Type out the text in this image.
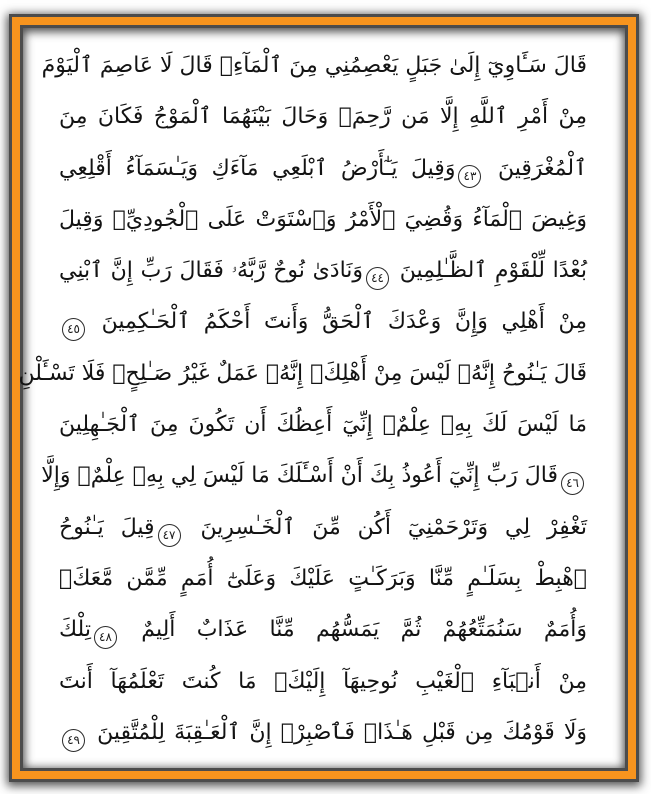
قَالَ سَـَٔاوِيٓ إِلَىٰ جَبَلٍ يَعْصِمُنِي مِنَ ٱلْمَآءِۚ قَالَ لَا عَاصِمَ ٱلْيَوْمَ
مِنْ أَمْرِ ٱللَّهِ إِلَّا مَن رَّحِمَۚ وَحَالَ بَيْنَهُمَا ٱلْمَوْجُ فَكَانَ مِنَ
ٱلْمُغْرَقِينَ ٤٣وَقِيلَ يَـٰٓأَرْضُ ٱبْلَعِي مَآءَكِ وَيَـٰسَمَآءُ أَقْلِعِي
وَغِيضَ ٱلْمَآءُ وَقُضِيَ ٱلْأَمْرُ وَٱسْتَوَتْ عَلَى ٱلْجُودِيِّۖ وَقِيلَ
بُعْدًا لِّلْقَوْمِ ٱلظَّـٰلِمِينَ ٤٤وَنَادَىٰ نُوحٌ رَّبَّهُۥ فَقَالَ رَبِّ إِنَّ ٱبْنِي
مِنْ أَهْلِي وَإِنَّ وَعْدَكَ ٱلْحَقُّ وَأَنتَ أَحْكَمُ ٱلْحَـٰكِمِينَ ٤٥
قَالَ يَـٰنُوحُ إِنَّهُۥ لَيْسَ مِنْ أَهْلِكَۖ إِنَّهُۥ عَمَلٌ غَيْرُ صَـٰلِحٍۖ فَلَا تَسْـَٔلْنِ
مَا لَيْسَ لَكَ بِهِۦ عِلْمٌۖ إِنِّيٓ أَعِظُكَ أَن تَكُونَ مِنَ ٱلْجَـٰهِلِينَ
٤٦قَالَ رَبِّ إِنِّيٓ أَعُوذُ بِكَ أَنْ أَسْـَٔلَكَ مَا لَيْسَ لِي بِهِۦ عِلْمٌۖ وَإِلَّا
تَغْفِرْ لِي وَتَرْحَمْنِيٓ أَكُن مِّنَ ٱلْخَـٰسِرِينَ ٤٧قِيلَ يَـٰنُوحُ
ٱهْبِطْ بِسَلَـٰمٍ مِّنَّا وَبَرَكَـٰتٍ عَلَيْكَ وَعَلَىٰٓ أُمَمٍ مِّمَّن مَّعَكَۚ
وَأُمَمٌ سَنُمَتِّعُهُمْ ثُمَّ يَمَسُّهُم مِّنَّا عَذَابٌ أَلِيمٌ ٤٨تِلْكَ
مِنْ أَنۢبَآءِ ٱلْغَيْبِ نُوحِيهَآ إِلَيْكَۖ مَا كُنتَ تَعْلَمُهَآ أَنتَ
وَلَا قَوْمُكَ مِن قَبْلِ هَـٰذَاۖ فَٱصْبِرْۖ إِنَّ ٱلْعَـٰقِبَةَ لِلْمُتَّقِينَ ٤٩
